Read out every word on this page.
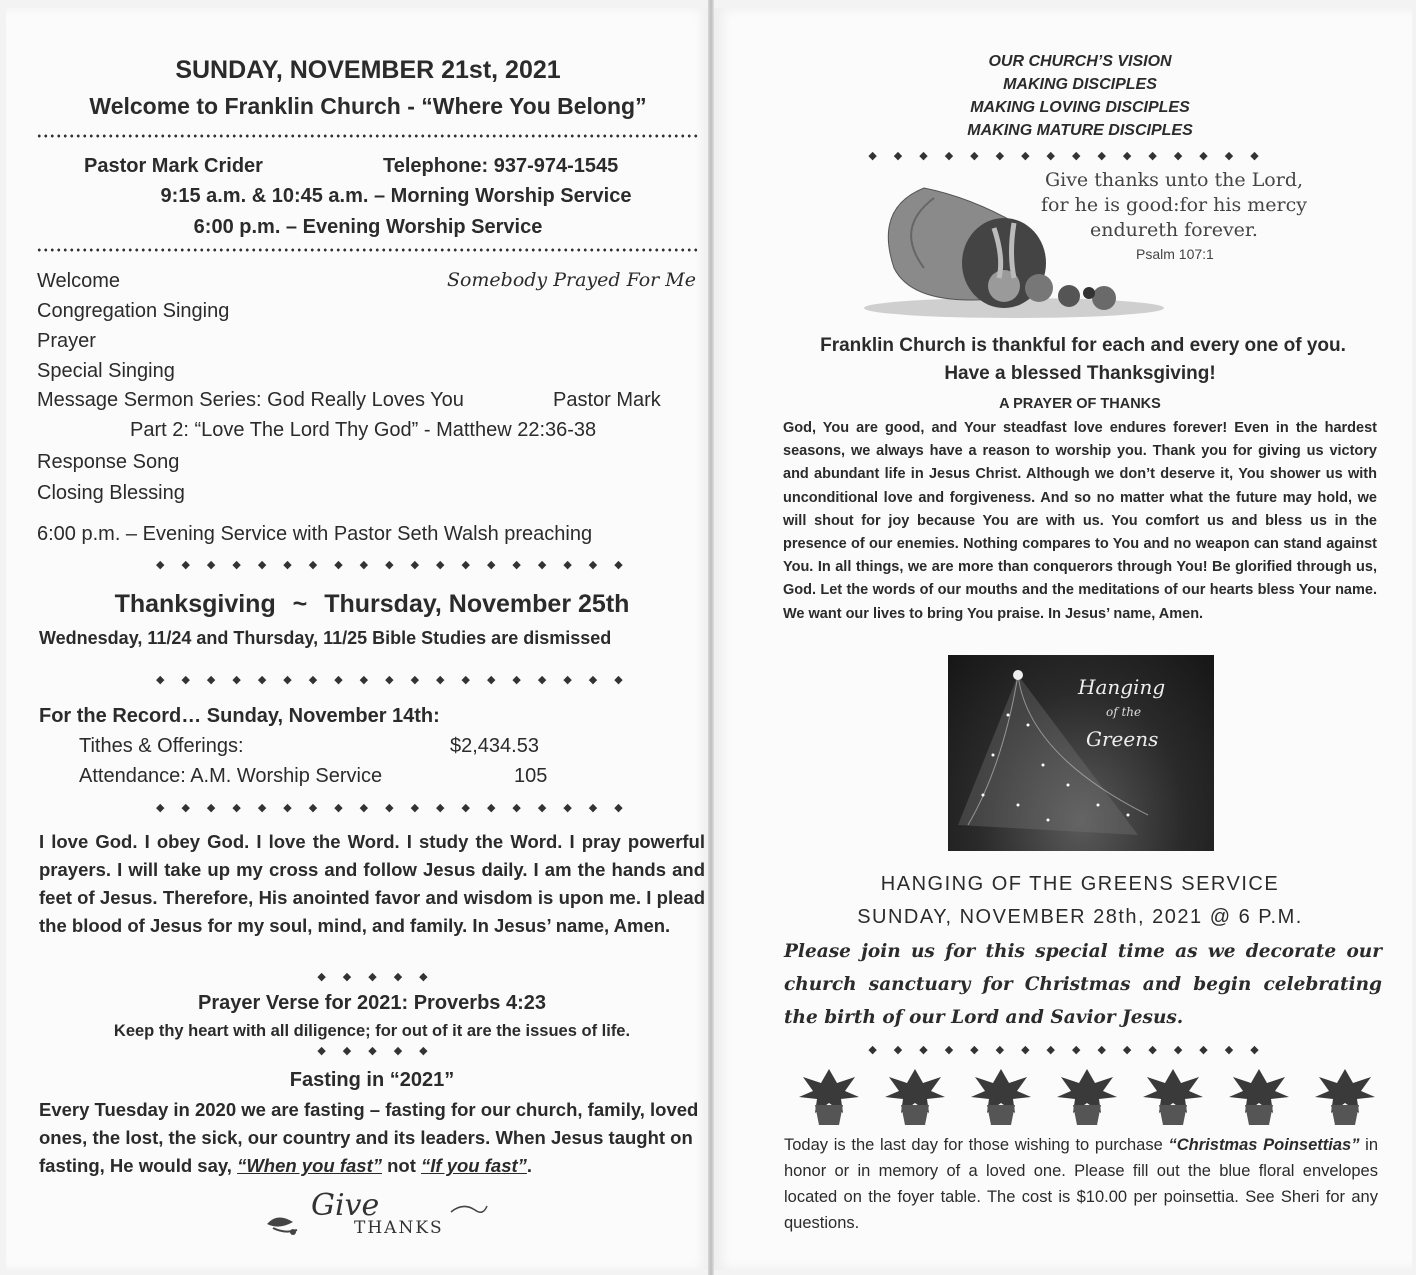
SUNDAY, NOVEMBER 21st, 2021
Welcome to Franklin Church - “Where You Belong”
Pastor Mark Crider	Telephone: 937-974-1545
9:15 a.m. & 10:45 a.m. – Morning Worship Service
6:00 p.m. – Evening Worship Service
Welcome	Somebody Prayed For Me
Congregation Singing
Prayer
Special Singing
Message Sermon Series: God Really Loves You	Pastor Mark
Part 2: “Love The Lord Thy God” - Matthew 22:36-38
Response Song
Closing Blessing
6:00 p.m. – Evening Service with Pastor Seth Walsh preaching
◆◆◆◆◆◆◆◆◆◆◆◆◆◆◆◆◆◆◆
Thanksgiving ~ Thursday, November 25th
Wednesday, 11/24 and Thursday, 11/25 Bible Studies are dismissed
◆◆◆◆◆◆◆◆◆◆◆◆◆◆◆◆◆◆◆
For the Record… Sunday, November 14th:
Tithes & Offerings:	$2,434.53
Attendance: A.M. Worship Service	105
◆◆◆◆◆◆◆◆◆◆◆◆◆◆◆◆◆◆◆
I love God. I obey God. I love the Word. I study the Word. I pray powerful prayers. I will take up my cross and follow Jesus daily. I am the hands and feet of Jesus. Therefore, His anointed favor and wisdom is upon me. I plead the blood of Jesus for my soul, mind, and family. In Jesus’ name, Amen.
◆◆◆◆◆
Prayer Verse for 2021: Proverbs 4:23
Keep thy heart with all diligence; for out of it are the issues of life.
◆◆◆◆◆
Fasting in “2021”
Every Tuesday in 2020 we are fasting – fasting for our church, family, loved ones, the lost, the sick, our country and its leaders. When Jesus taught on fasting, He would say, “When you fast” not “If you fast”.
Give
THANKS
OUR CHURCH’S VISION
MAKING DISCIPLES
MAKING LOVING DISCIPLES
MAKING MATURE DISCIPLES
◆◆◆◆◆◆◆◆◆◆◆◆◆◆◆◆
Give thanks unto the Lord,
for he is good:for his mercy
endureth forever.
Psalm 107:1
Franklin Church is thankful for each and every one of you.
Have a blessed Thanksgiving!
A PRAYER OF THANKS
God, You are good, and Your steadfast love endures forever! Even in the hardest seasons, we always have a reason to worship you. Thank you for giving us victory and abundant life in Jesus Christ. Although we don’t deserve it, You shower us with unconditional love and forgiveness. And so no matter what the future may hold, we will shout for joy because You are with us. You comfort us and bless us in the presence of our enemies. Nothing compares to You and no weapon can stand against You. In all things, we are more than conquerors through You! Be glorified through us, God. Let the words of our mouths and the meditations of our hearts bless Your name. We want our lives to bring You praise. In Jesus’ name, Amen.
Hanging
of the
Greens
HANGING OF THE GREENS SERVICE
SUNDAY, NOVEMBER 28th, 2021 @ 6 P.M.
Please join us for this special time as we decorate our church sanctuary for Christmas and begin celebrating the birth of our Lord and Savior Jesus.
◆◆◆◆◆◆◆◆◆◆◆◆◆◆◆◆
Today is the last day for those wishing to purchase “Christmas Poinsettias” in honor or in memory of a loved one. Please fill out the blue floral envelopes located on the foyer table. The cost is $10.00 per poinsettia. See Sheri for any questions.
